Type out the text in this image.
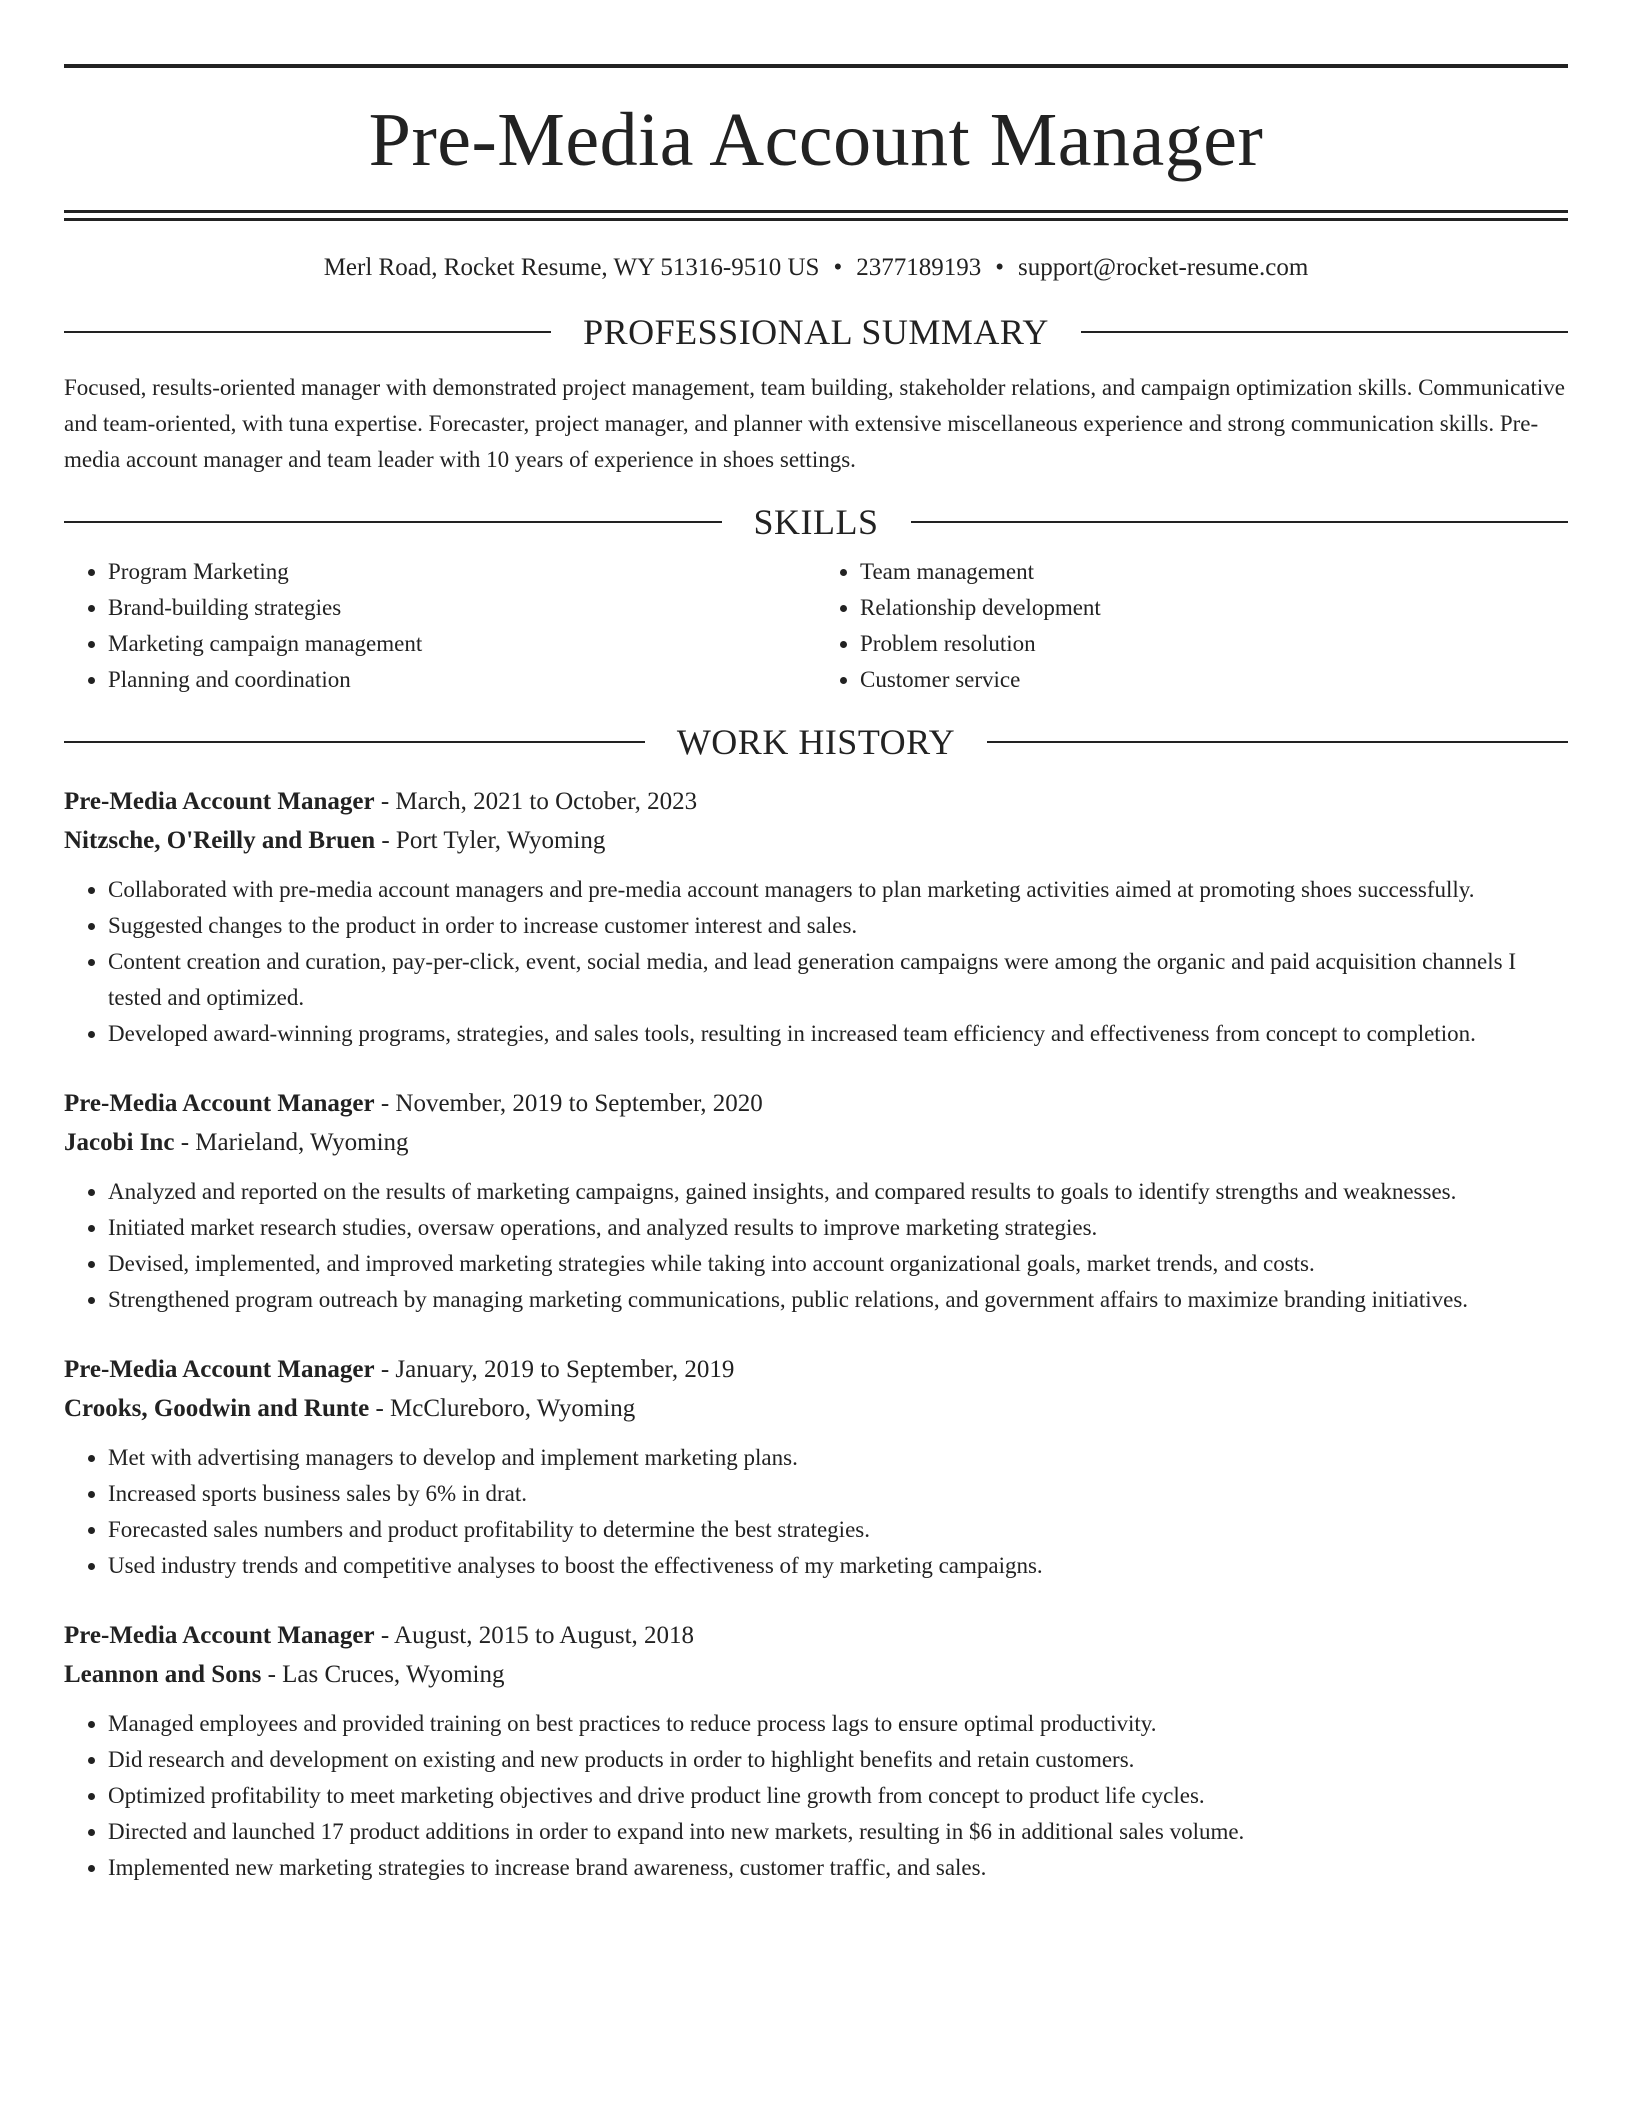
Pre-Media Account Manager
Merl Road, Rocket Resume, WY 51316-9510 US • 2377189193 • support@rocket-resume.com
PROFESSIONAL SUMMARY

Focused, results-oriented manager with demonstrated project management, team building, stakeholder relations, and campaign optimization skills. Communicative and team-oriented, with tuna expertise. Forecaster, project manager, and planner with extensive miscellaneous experience and strong communication skills. Pre-media account manager and team leader with 10 years of experience in shoes settings.

SKILLS
• Program Marketing
• Brand-building strategies
• Marketing campaign management
• Planning and coordination
• Team management
• Relationship development
• Problem resolution
• Customer service
WORK HISTORY
Pre-Media Account Manager - March, 2021 to October, 2023
Nitzsche, O'Reilly and Bruen - Port Tyler, Wyoming
• Collaborated with pre-media account managers and pre-media account managers to plan marketing activities aimed at promoting shoes successfully.
• Suggested changes to the product in order to increase customer interest and sales.
• Content creation and curation, pay-per-click, event, social media, and lead generation campaigns were among the organic and paid acquisition channels I tested and optimized.
• Developed award-winning programs, strategies, and sales tools, resulting in increased team efficiency and effectiveness from concept to completion.
Pre-Media Account Manager - November, 2019 to September, 2020
Jacobi Inc - Marieland, Wyoming
• Analyzed and reported on the results of marketing campaigns, gained insights, and compared results to goals to identify strengths and weaknesses.
• Initiated market research studies, oversaw operations, and analyzed results to improve marketing strategies.
• Devised, implemented, and improved marketing strategies while taking into account organizational goals, market trends, and costs.
• Strengthened program outreach by managing marketing communications, public relations, and government affairs to maximize branding initiatives.
Pre-Media Account Manager - January, 2019 to September, 2019
Crooks, Goodwin and Runte - McClureboro, Wyoming
• Met with advertising managers to develop and implement marketing plans.
• Increased sports business sales by 6% in drat.
• Forecasted sales numbers and product profitability to determine the best strategies.
• Used industry trends and competitive analyses to boost the effectiveness of my marketing campaigns.
Pre-Media Account Manager - August, 2015 to August, 2018
Leannon and Sons - Las Cruces, Wyoming
• Managed employees and provided training on best practices to reduce process lags to ensure optimal productivity.
• Did research and development on existing and new products in order to highlight benefits and retain customers.
• Optimized profitability to meet marketing objectives and drive product line growth from concept to product life cycles.
• Directed and launched 17 product additions in order to expand into new markets, resulting in $6 in additional sales volume.
• Implemented new marketing strategies to increase brand awareness, customer traffic, and sales.
